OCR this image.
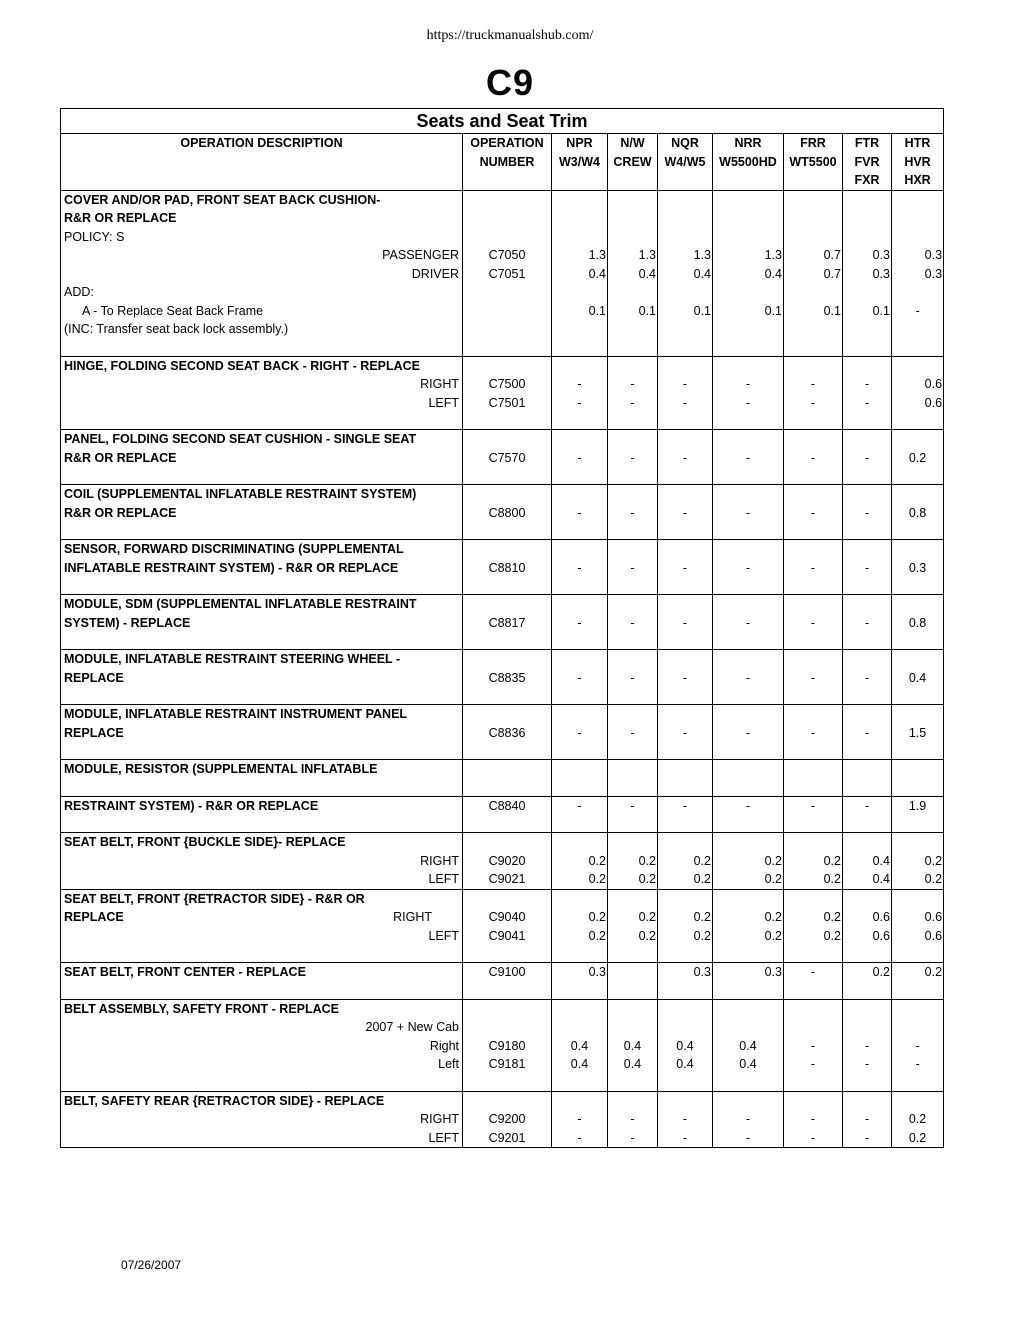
https://truckmanualshub.com/
C9
Seats and Seat Trim								
OPERATION DESCRIPTION	OPERATION	NPR	N/W	NQR	NRR	FRR	FTR	HTR
	NUMBER	W3/W4	CREW	W4/W5	W5500HD	WT5500	FVR	HVR
							FXR	HXR
COVER AND/OR PAD, FRONT SEAT BACK CUSHION-								
R&R OR REPLACE								
POLICY: S								
PASSENGER	C7050	1.3	1.3	1.3	1.3	0.7	0.3	0.3
DRIVER	C7051	0.4	0.4	0.4	0.4	0.7	0.3	0.3
ADD:								
A - To Replace Seat Back Frame		0.1	0.1	0.1	0.1	0.1	0.1	-
(INC: Transfer seat back lock assembly.)								

HINGE, FOLDING SECOND SEAT BACK - RIGHT - REPLACE								
RIGHT	C7500	-	-	-	-	-	-	0.6
LEFT	C7501	-	-	-	-	-	-	0.6

PANEL, FOLDING SECOND SEAT CUSHION - SINGLE SEAT								
R&R OR REPLACE	C7570	-	-	-	-	-	-	0.2

COIL (SUPPLEMENTAL INFLATABLE RESTRAINT SYSTEM)								
R&R OR REPLACE	C8800	-	-	-	-	-	-	0.8

SENSOR, FORWARD DISCRIMINATING (SUPPLEMENTAL								
INFLATABLE RESTRAINT SYSTEM) - R&R OR REPLACE	C8810	-	-	-	-	-	-	0.3

MODULE, SDM (SUPPLEMENTAL INFLATABLE RESTRAINT								
SYSTEM) - REPLACE	C8817	-	-	-	-	-	-	0.8

MODULE, INFLATABLE RESTRAINT STEERING WHEEL -								
REPLACE	C8835	-	-	-	-	-	-	0.4

MODULE, INFLATABLE RESTRAINT INSTRUMENT PANEL								
REPLACE	C8836	-	-	-	-	-	-	1.5

MODULE, RESISTOR (SUPPLEMENTAL INFLATABLE								

RESTRAINT SYSTEM) - R&R OR REPLACE	C8840	-	-	-	-	-	-	1.9

SEAT BELT, FRONT {BUCKLE SIDE}- REPLACE								
RIGHT	C9020	0.2	0.2	0.2	0.2	0.2	0.4	0.2
LEFT	C9021	0.2	0.2	0.2	0.2	0.2	0.4	0.2
SEAT BELT, FRONT {RETRACTOR SIDE} - R&R OR								
REPLACE RIGHT	C9040	0.2	0.2	0.2	0.2	0.2	0.6	0.6
LEFT	C9041	0.2	0.2	0.2	0.2	0.2	0.6	0.6

SEAT BELT, FRONT CENTER - REPLACE	C9100	0.3		0.3	0.3	-	0.2	0.2

BELT ASSEMBLY, SAFETY FRONT - REPLACE								
2007 + New Cab								
Right	C9180	0.4	0.4	0.4	0.4	-	-	-
Left	C9181	0.4	0.4	0.4	0.4	-	-	-

BELT, SAFETY REAR {RETRACTOR SIDE} - REPLACE								
RIGHT	C9200	-	-	-	-	-	-	0.2
LEFT	C9201	-	-	-	-	-	-	0.2
07/26/2007
